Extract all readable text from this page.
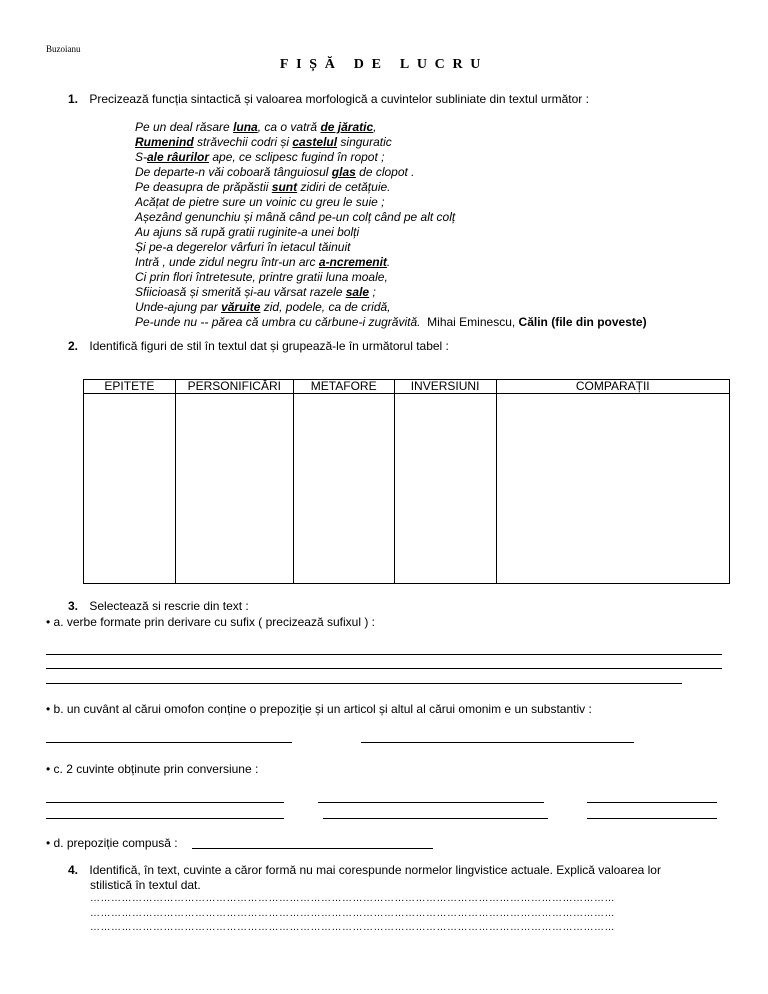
Buzoianu
FIȘĂ DE LUCRU
1. Precizează funcția sintactică și valoarea morfologică a cuvintelor subliniate din textul următor :
Pe un deal răsare luna, ca o vatră de jăratic,
Rumenind străvechii codri și castelul singuratic
S-ale râurilor ape, ce sclipesc fugind în ropot ;
De departe-n văi coboară tânguiosul glas de clopot .
Pe deasupra de prăpăstii sunt zidiri de cetățuie.
Acățat de pietre sure un voinic cu greu le suie ;
Așezând genunchiu și mână când pe-un colț când pe alt colț
Au ajuns să rupă gratii ruginite-a unei bolți
Și pe-a degerelor vârfuri în ietacul tăinuit
Intră , unde zidul negru într-un arc a-ncremenit.
Ci prin flori întretesute, printre gratii luna moale,
Sfiicioasă și smerită și-au vărsat razele sale ;
Unde-ajung par văruite zid, podele, ca de cridă,
Pe-unde nu -- părea că umbra cu cărbune-i zugrăvită.  Mihai Eminescu, Călin (file din poveste)
2. Identifică figuri de stil în textul dat și grupează-le în următorul tabel :
EPITETE	PERSONIFICĂRI	METAFORE	INVERSIUNI	COMPARAȚII

3. Selectează si rescrie din text :
• a. verbe formate prin derivare cu sufix ( precizează sufixul ) :
• b. un cuvânt al cărui omofon conține o prepoziție și un articol și altul al cărui omonim e un substantiv :
• c. 2 cuvinte obținute prin conversiune :
• d. prepoziție compusă :
4. Identifică, în text, cuvinte a căror formă nu mai corespunde normelor lingvistice actuale. Explică valoarea lor
stilistică în textul dat.
……………………………………………………………………………………………………………………………………
……………………………………………………………………………………………………………………………………
……………………………………………………………………………………………………………………………………
